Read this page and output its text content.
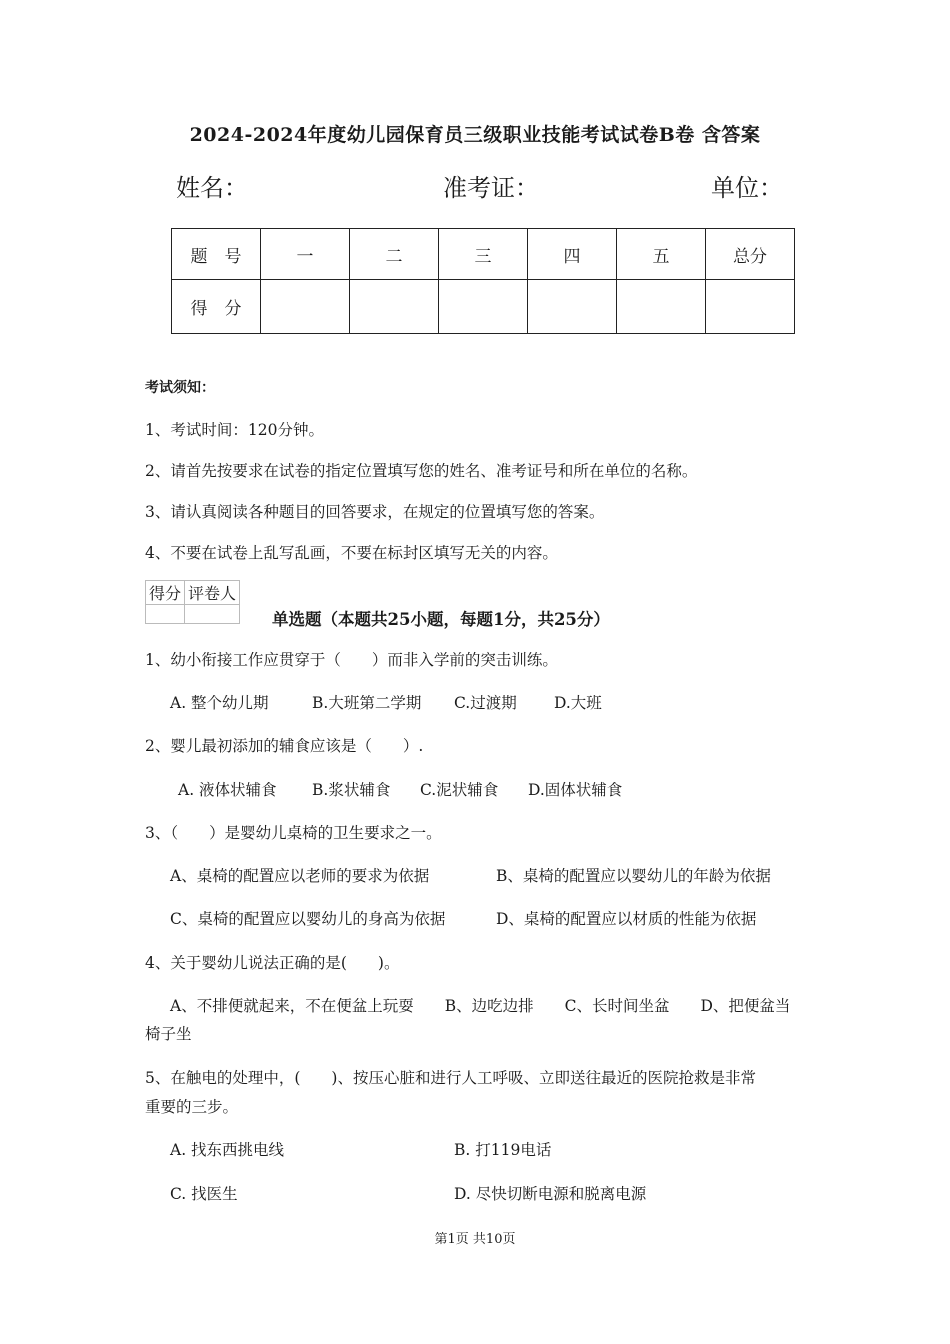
2024-2024年度幼儿园保育员三级职业技能考试试卷B卷 含答案
姓名：	准考证：	单位：
题　号	一	二	三	四	五	总分
得　分						
考试须知：
1、考试时间：120分钟。
2、请首先按要求在试卷的指定位置填写您的姓名、准考证号和所在单位的名称。
3、请认真阅读各种题目的回答要求，在规定的位置填写您的答案。
4、不要在试卷上乱写乱画，不要在标封区填写无关的内容。
得分	评卷人

单选题（本题共25小题，每题1分，共25分）
1、幼小衔接工作应贯穿于（　　）而非入学前的突击训练。
A. 整个幼儿期	B.大班第二学期 C.过渡期 D.大班
2、婴儿最初添加的辅食应该是（　　）.
A. 液体状辅食 B.浆状辅食 C.泥状辅食 D.固体状辅食
3、（　　）是婴幼儿桌椅的卫生要求之一。
A、桌椅的配置应以老师的要求为依据	B、桌椅的配置应以婴幼儿的年龄为依据
C、桌椅的配置应以婴幼儿的身高为依据	D、桌椅的配置应以材质的性能为依据
4、关于婴幼儿说法正确的是(　　)。
A、不排便就起来，不在便盆上玩耍　　B、边吃边排　　C、长时间坐盆　　D、把便盆当
椅子坐
5、在触电的处理中，(　　)、按压心脏和进行人工呼吸、立即送往最近的医院抢救是非常
重要的三步。
A. 找东西挑电线	B. 打119电话
C. 找医生	D. 尽快切断电源和脱离电源
第1页 共10页
